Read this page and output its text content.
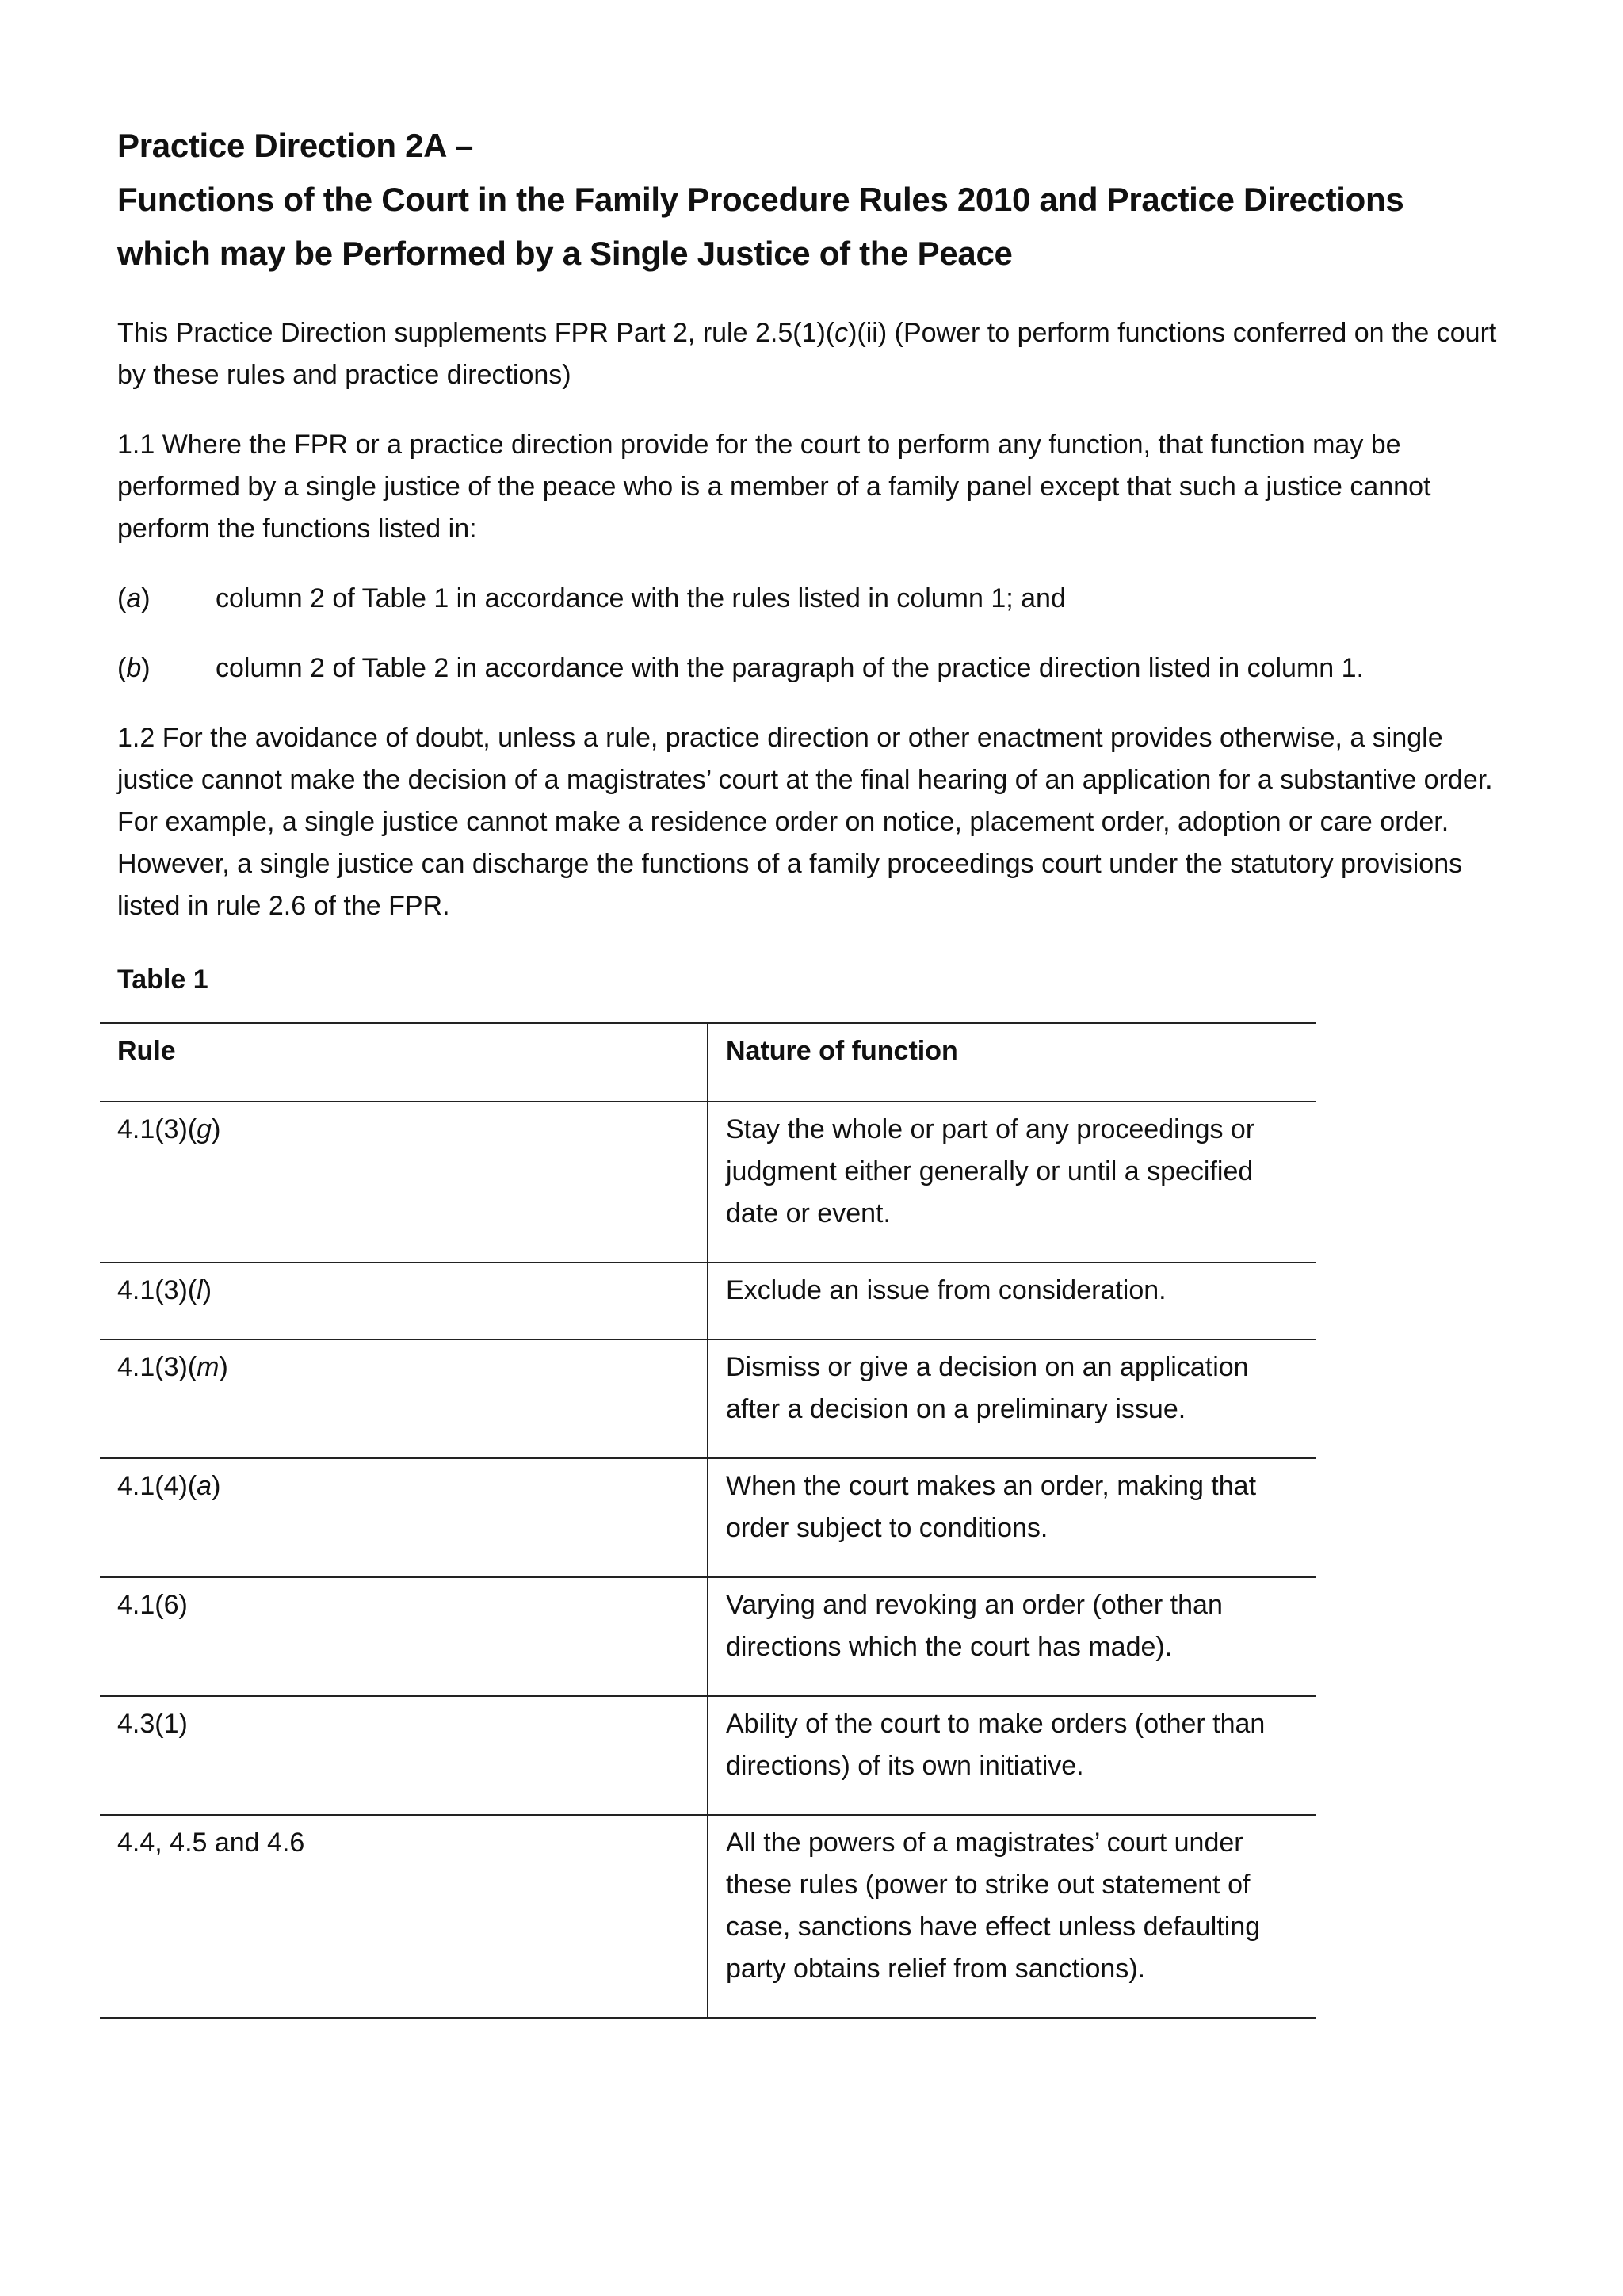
Practice Direction 2A –
Functions of the Court in the Family Procedure Rules 2010 and Practice Directions
which may be Performed by a Single Justice of the Peace

This Practice Direction supplements FPR Part 2, rule 2.5(1)(c)(ii) (Power to perform functions conferred on the court by these rules and practice directions)

1.1 Where the FPR or a practice direction provide for the court to perform any function, that function may be performed by a single justice of the peace who is a member of a family panel except that such a justice cannot perform the functions listed in:

(a)	column 2 of Table 1 in accordance with the rules listed in column 1; and
(b)	column 2 of Table 2 in accordance with the paragraph of the practice direction listed in column 1.

1.2 For the avoidance of doubt, unless a rule, practice direction or other enactment provides otherwise, a single justice cannot make the decision of a magistrates’ court at the final hearing of an application for a substantive order. For example, a single justice cannot make a residence order on notice, placement order, adoption or care order. However, a single justice can discharge the functions of a family proceedings court under the statutory provisions listed in rule 2.6 of the FPR.

Table 1
Rule	Nature of function
4.1(3)(g)	Stay the whole or part of any proceedings or judgment either generally or until a specified date or event.
4.1(3)(l)	Exclude an issue from consideration.
4.1(3)(m)	Dismiss or give a decision on an application after a decision on a preliminary issue.
4.1(4)(a)	When the court makes an order, making that order subject to conditions.
4.1(6)	Varying and revoking an order (other than directions which the court has made).
4.3(1)	Ability of the court to make orders (other than directions) of its own initiative.
4.4, 4.5 and 4.6	All the powers of a magistrates’ court under these rules (power to strike out statement of case, sanctions have effect unless defaulting party obtains relief from sanctions).
